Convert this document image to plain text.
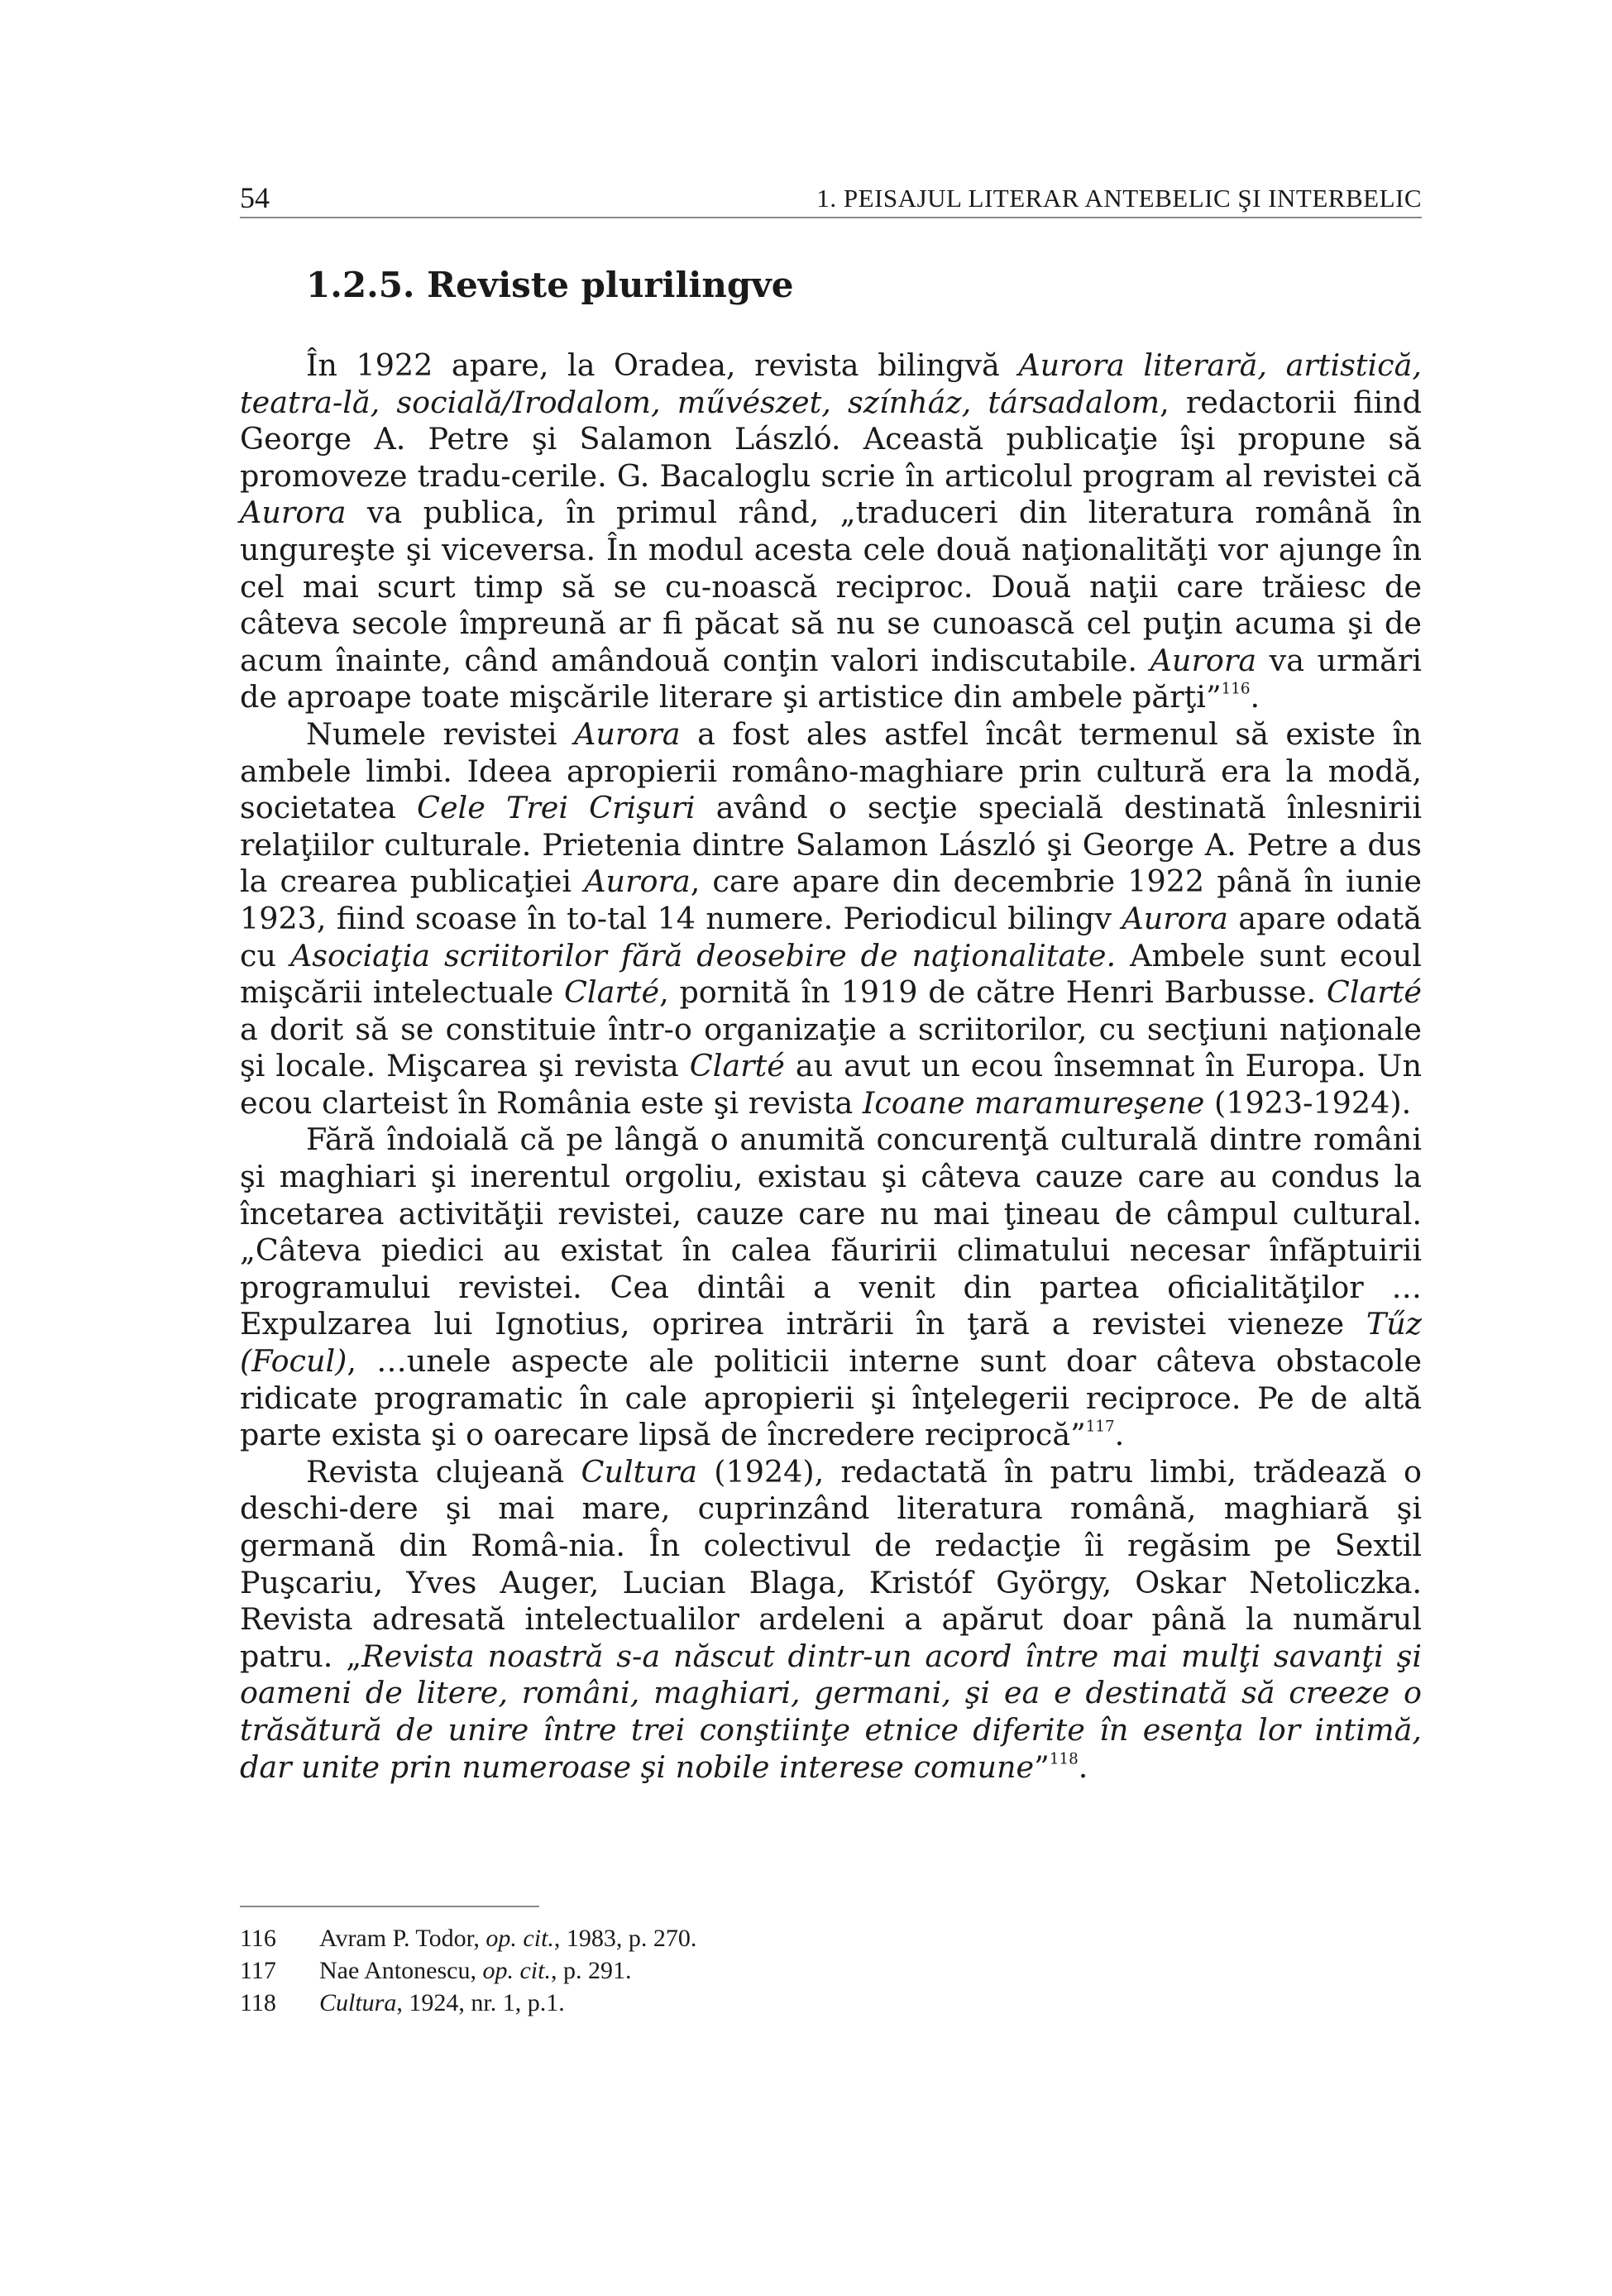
54	1. PEISAJUL LITERAR ANTEBELIC ŞI INTERBELIC
1.2.5. Reviste plurilingve

În 1922 apare, la Oradea, revista bilingvă Aurora literară, artistică, teatra-lă, socială/Irodalom, művészet, színház, társadalom, redactorii fiind George A. Petre şi Salamon László. Această publicaţie îşi propune să promoveze tradu-cerile. G. Bacaloglu scrie în articolul program al revistei că Aurora va publica, în primul rând, „traduceri din literatura română în ungureşte şi viceversa. În modul acesta cele două naţionalităţi vor ajunge în cel mai scurt timp să se cu-noască reciproc. Două naţii care trăiesc de câteva secole împreună ar fi păcat să nu se cunoască cel puţin acuma şi de acum înainte, când amândouă conţin valori indiscutabile. Aurora va urmări de aproape toate mişcările literare şi artistice din ambele părţi”$^{116}$.

Numele revistei Aurora a fost ales astfel încât termenul să existe în ambele limbi. Ideea apropierii româno-maghiare prin cultură era la modă, societatea Cele Trei Crişuri având o secţie specială destinată înlesnirii relaţiilor culturale. Prietenia dintre Salamon László şi George A. Petre a dus la crearea publicaţiei Aurora, care apare din decembrie 1922 până în iunie 1923, fiind scoase în to-tal 14 numere. Periodicul bilingv Aurora apare odată cu Asociaţia scriitorilor fără deosebire de naţionalitate. Ambele sunt ecoul mişcării intelectuale Clarté, pornită în 1919 de către Henri Barbusse. Clarté a dorit să se constituie într-o organizaţie a scriitorilor, cu secţiuni naţionale şi locale. Mişcarea şi revista Clarté au avut un ecou însemnat în Europa. Un ecou clarteist în România este şi revista Icoane maramureşene (1923-1924).

Fără îndoială că pe lângă o anumită concurenţă culturală dintre români şi maghiari şi inerentul orgoliu, existau şi câteva cauze care au condus la încetarea activităţii revistei, cauze care nu mai ţineau de câmpul cultural. „Câteva piedici au existat în calea făuririi climatului necesar înfăptuirii programului revistei. Cea dintâi a venit din partea oficialităţilor … Expulzarea lui Ignotius, oprirea intrării în ţară a revistei vieneze Tűz (Focul), …unele aspecte ale politicii interne sunt doar câteva obstacole ridicate programatic în cale apropierii şi înţelegerii reciproce. Pe de altă parte exista şi o oarecare lipsă de încredere reciprocă”$^{117}$.

Revista clujeană Cultura (1924), redactată în patru limbi, trădează o deschi-dere şi mai mare, cuprinzând literatura română, maghiară şi germană din Româ-nia. În colectivul de redacţie îi regăsim pe Sextil Puşcariu, Yves Auger, Lucian Blaga, Kristóf György, Oskar Netoliczka. Revista adresată intelectualilor ardeleni a apărut doar până la numărul patru. „Revista noastră s-a născut dintr-un acord între mai mulţi savanţi şi oameni de litere, români, maghiari, germani, şi ea e destinată să creeze o trăsătură de unire între trei conştiinţe etnice diferite în esenţa lor intimă, dar unite prin numeroase şi nobile interese comune”$^{118}$.

116	Avram P. Todor, op. cit., 1983, p. 270.
117	Nae Antonescu, op. cit., p. 291.
118	Cultura, 1924, nr. 1, p.1.
